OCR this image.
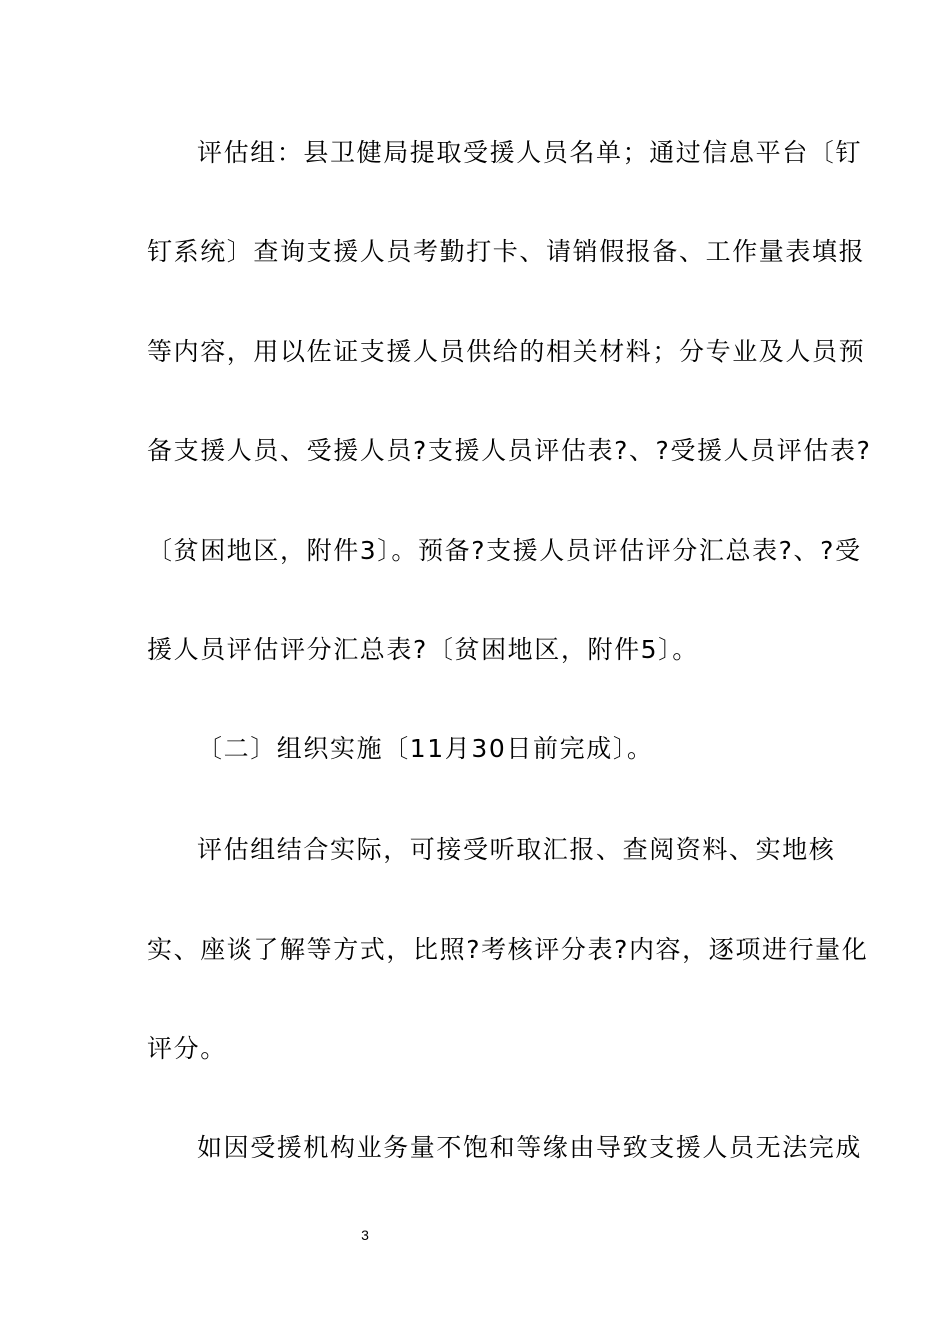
评估组：县卫健局提取受援人员名单；通过信息平台〔钉
钉系统〕查询支援人员考勤打卡、请销假报备、工作量表填报
等内容，用以佐证支援人员供给的相关材料；分专业及人员预
备支援人员、受援人员?支援人员评估表?、?受援人员评估表?
〔贫困地区，附件3〕。预备?支援人员评估评分汇总表?、?受
援人员评估评分汇总表?〔贫困地区，附件5〕。
〔二〕组织实施〔11月30日前完成〕。
评估组结合实际，可接受听取汇报、查阅资料、实地核
实、座谈了解等方式，比照?考核评分表?内容，逐项进行量化
评分。
如因受援机构业务量不饱和等缘由导致支援人员无法完成
3
